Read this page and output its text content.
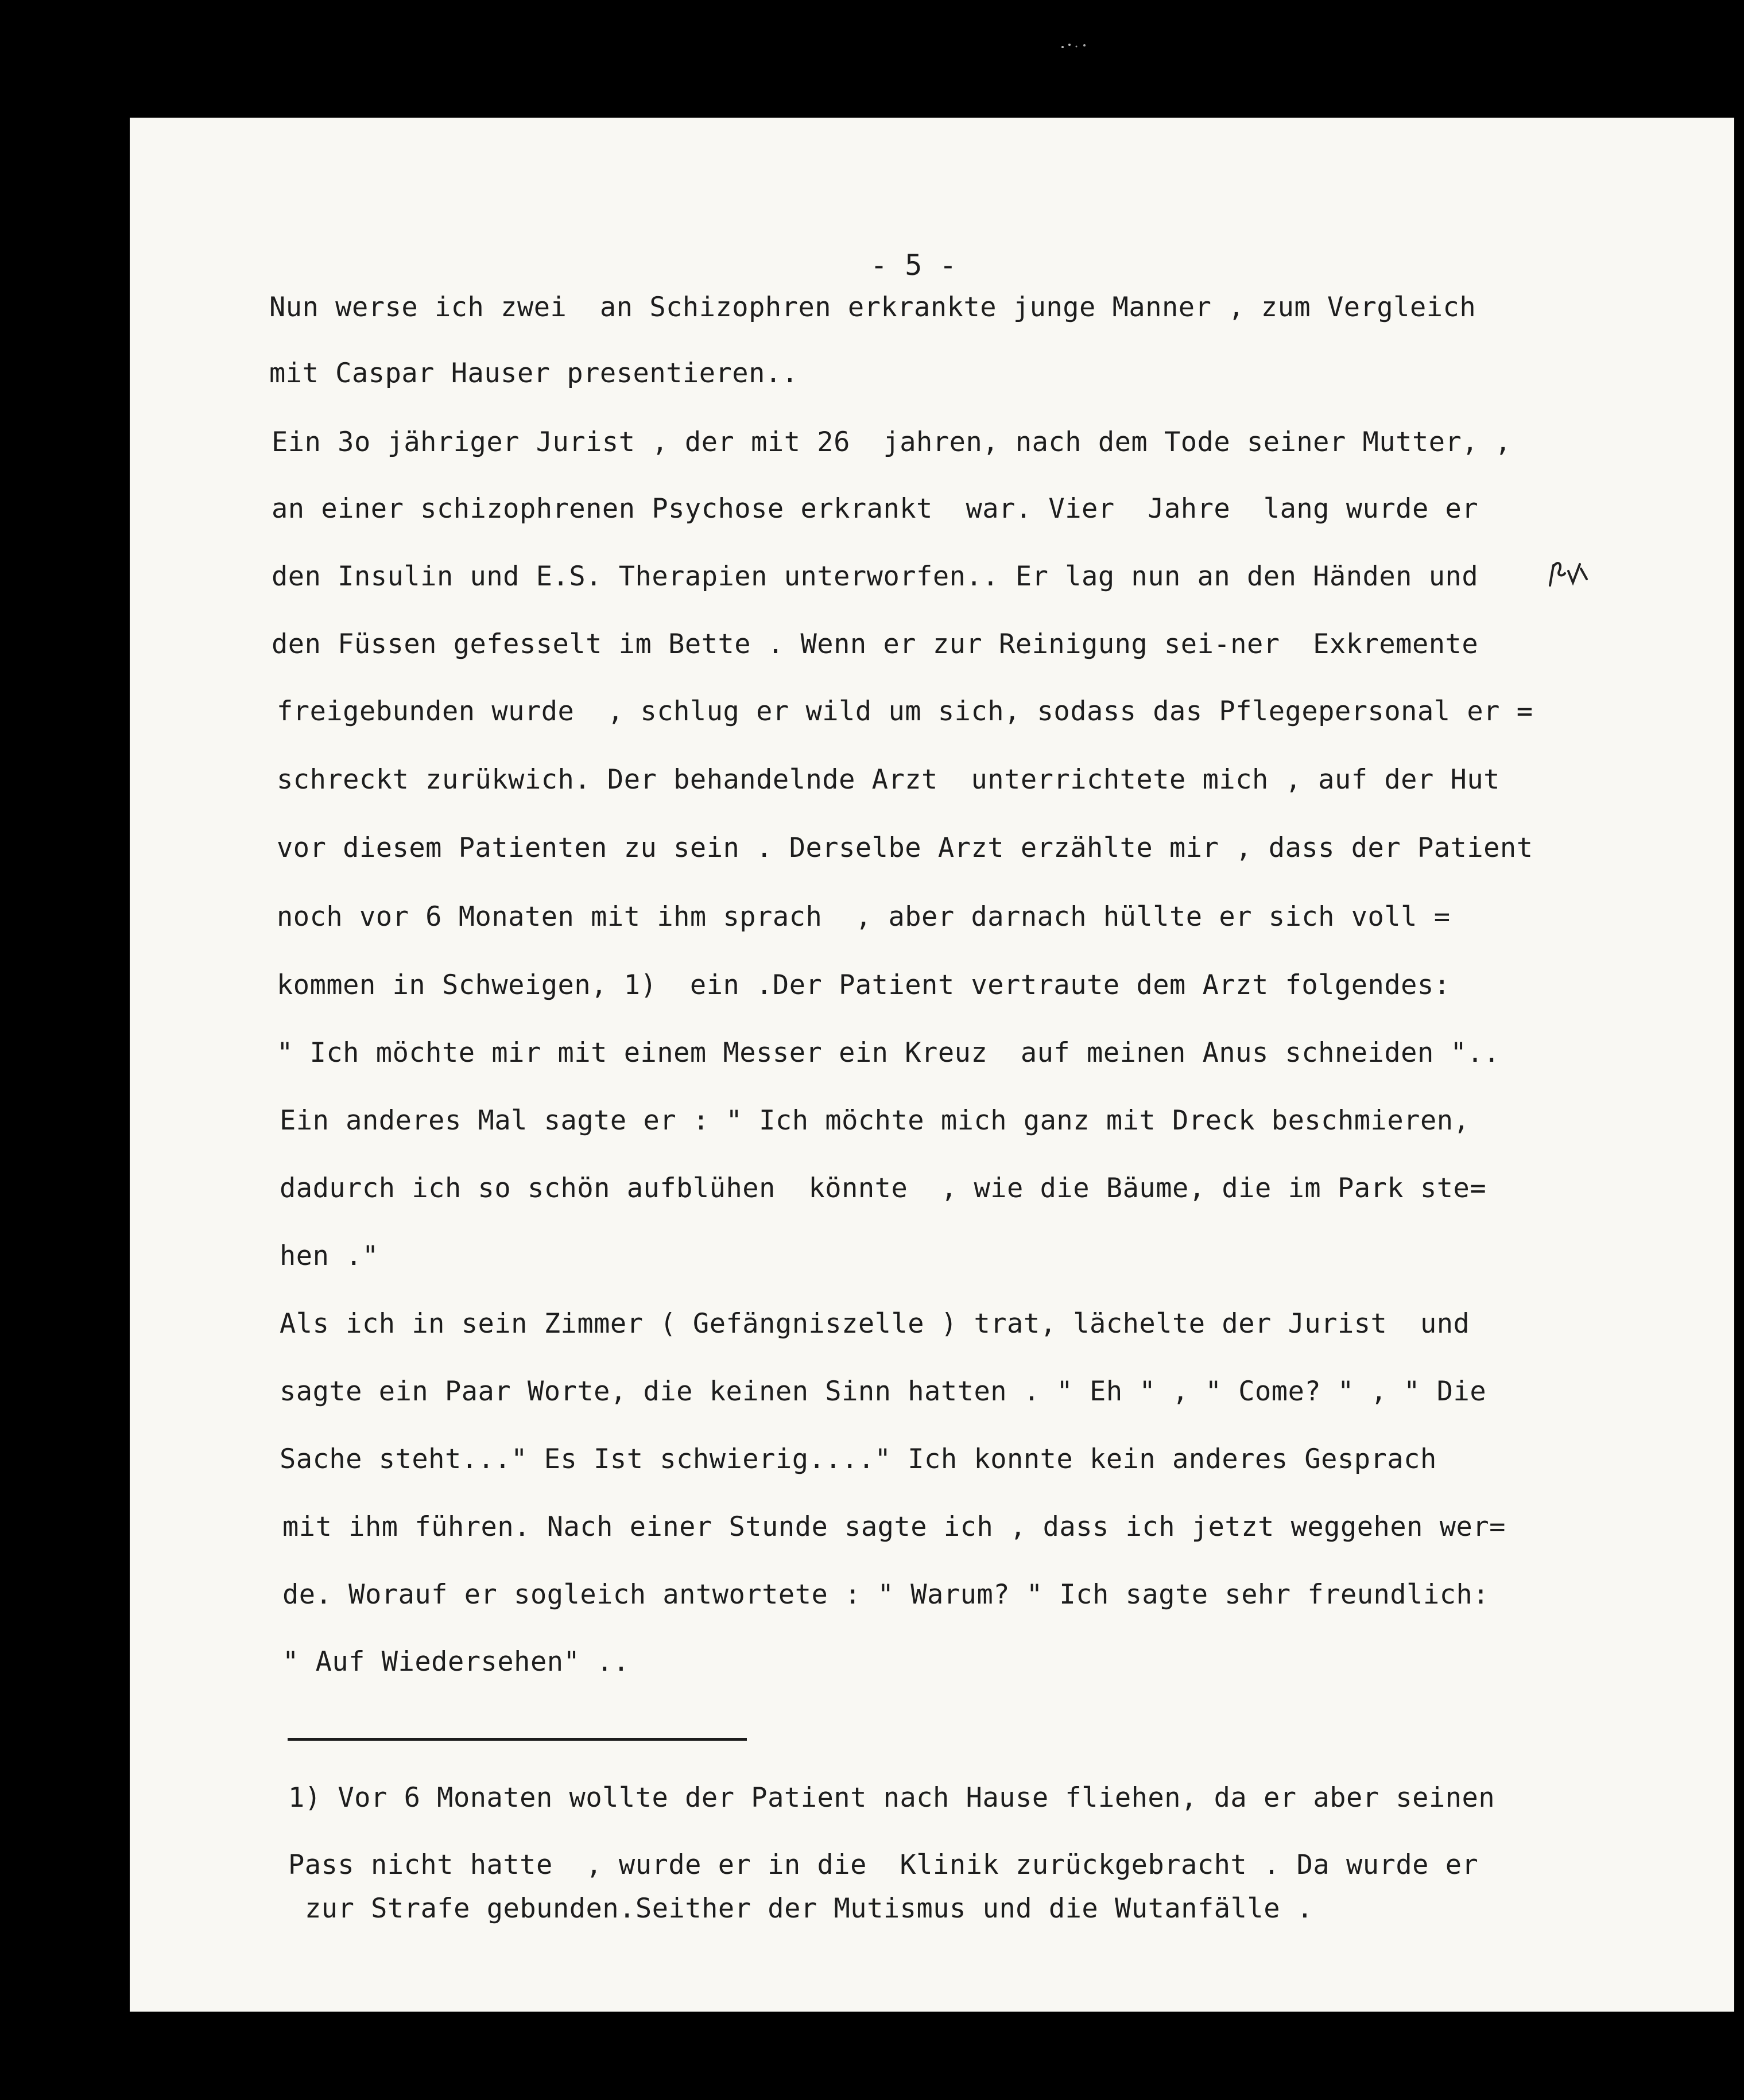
- 5 -
Nun werse ich zwei  an Schizophren erkrankte junge Manner , zum Vergleich
mit Caspar Hauser presentieren..
Ein 3o jähriger Jurist , der mit 26  jahren, nach dem Tode seiner Mutter, ,
an einer schizophrenen Psychose erkrankt  war. Vier  Jahre  lang wurde er
den Insulin und E.S. Therapien unterworfen.. Er lag nun an den Händen und
den Füssen gefesselt im Bette . Wenn er zur Reinigung sei-ner  Exkremente
freigebunden wurde  , schlug er wild um sich, sodass das Pflegepersonal er =
schreckt zurükwich. Der behandelnde Arzt  unterrichtete mich , auf der Hut
vor diesem Patienten zu sein . Derselbe Arzt erzählte mir , dass der Patient
noch vor 6 Monaten mit ihm sprach  , aber darnach hüllte er sich voll =
kommen in Schweigen, 1)  ein .Der Patient vertraute dem Arzt folgendes:
" Ich möchte mir mit einem Messer ein Kreuz  auf meinen Anus schneiden "..
Ein anderes Mal sagte er : " Ich möchte mich ganz mit Dreck beschmieren,
dadurch ich so schön aufblühen  könnte  , wie die Bäume, die im Park ste=
hen ."
Als ich in sein Zimmer ( Gefängniszelle ) trat, lächelte der Jurist  und
sagte ein Paar Worte, die keinen Sinn hatten . " Eh " , " Come? " , " Die
Sache steht..." Es Ist schwierig...." Ich konnte kein anderes Gesprach
mit ihm führen. Nach einer Stunde sagte ich , dass ich jetzt weggehen wer=
de. Worauf er sogleich antwortete : " Warum? " Ich sagte sehr freundlich:
" Auf Wiedersehen" ..
1) Vor 6 Monaten wollte der Patient nach Hause fliehen, da er aber seinen
Pass nicht hatte  , wurde er in die  Klinik zurückgebracht . Da wurde er
zur Strafe gebunden.Seither der Mutismus und die Wutanfälle .
